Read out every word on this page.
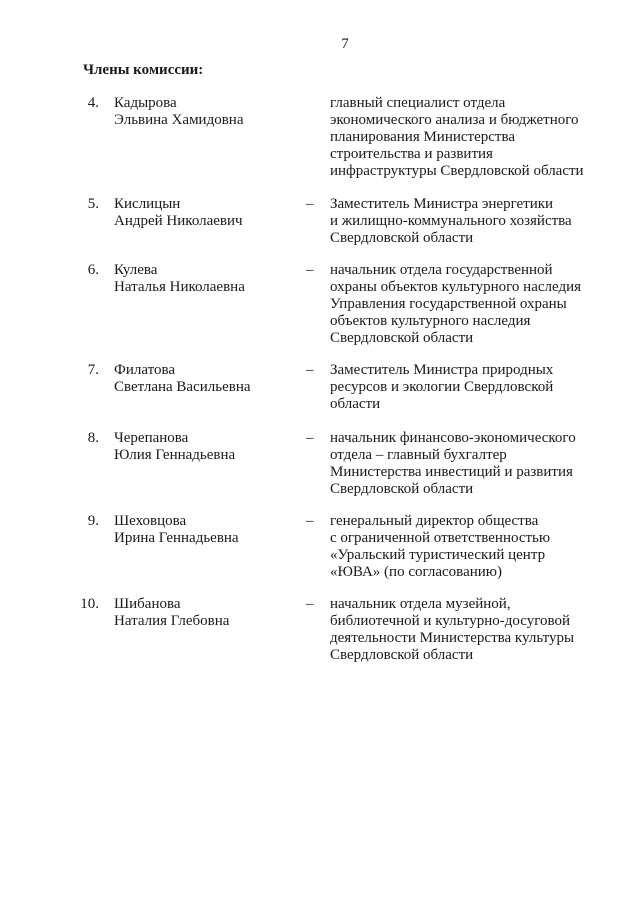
7
Члены комиссии:
4. Кадырова
Эльвина Хамидовна
главный специалист отдела
экономического анализа и бюджетного
планирования Министерства
строительства и развития
инфраструктуры Свердловской области
5. Кислицын
Андрей Николаевич
– Заместитель Министра энергетики
и жилищно-коммунального хозяйства
Свердловской области
6. Кулева
Наталья Николаевна
– начальник отдела государственной
охраны объектов культурного наследия
Управления государственной охраны
объектов культурного наследия
Свердловской области
7. Филатова
Светлана Васильевна
– Заместитель Министра природных
ресурсов и экологии Свердловской
области
8. Черепанова
Юлия Геннадьевна
– начальник финансово-экономического
отдела – главный бухгалтер
Министерства инвестиций и развития
Свердловской области
9. Шеховцова
Ирина Геннадьевна
– генеральный директор общества
с ограниченной ответственностью
«Уральский туристический центр
«ЮВА» (по согласованию)
10. Шибанова
Наталия Глебовна
– начальник отдела музейной,
библиотечной и культурно-досуговой
деятельности Министерства культуры
Свердловской области
